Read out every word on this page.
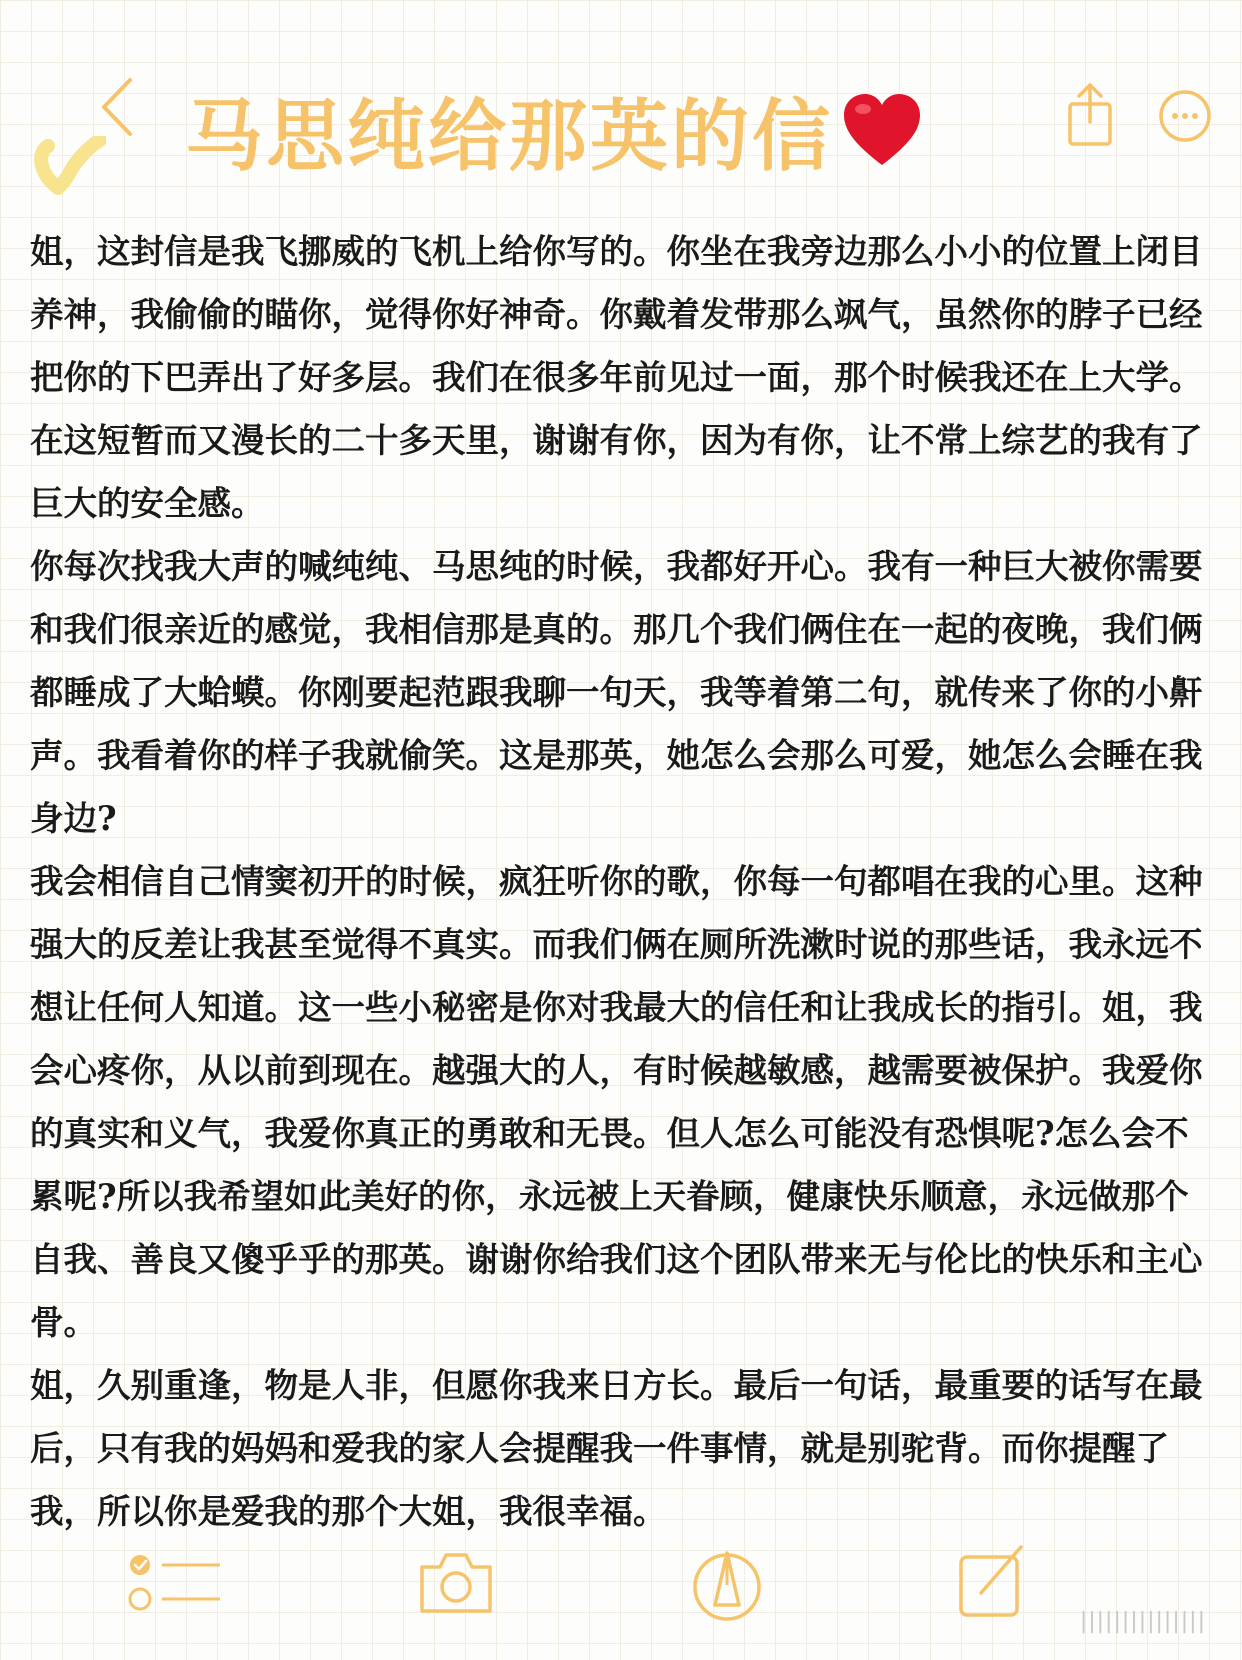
马思纯给那英的信

姐，这封信是我飞挪威的飞机上给你写的。你坐在我旁边那么小小的位置上闭目养神，我偷偷的瞄你，觉得你好神奇。你戴着发带那么飒气，虽然你的脖子已经把你的下巴弄出了好多层。我们在很多年前见过一面，那个时候我还在上大学。在这短暂而又漫长的二十多天里，谢谢有你，因为有你，让不常上综艺的我有了巨大的安全感。

你每次找我大声的喊纯纯、马思纯的时候，我都好开心。我有一种巨大被你需要和我们很亲近的感觉，我相信那是真的。那几个我们俩住在一起的夜晚，我们俩都睡成了大蛤蟆。你刚要起范跟我聊一句天，我等着第二句，就传来了你的小鼾声。我看着你的样子我就偷笑。这是那英，她怎么会那么可爱，她怎么会睡在我身边?

我会相信自己情窦初开的时候，疯狂听你的歌，你每一句都唱在我的心里。这种强大的反差让我甚至觉得不真实。而我们俩在厕所洗漱时说的那些话，我永远不想让任何人知道。这一些小秘密是你对我最大的信任和让我成长的指引。姐，我会心疼你，从以前到现在。越强大的人，有时候越敏感，越需要被保护。我爱你的真实和义气，我爱你真正的勇敢和无畏。但人怎么可能没有恐惧呢?怎么会不累呢?所以我希望如此美好的你，永远被上天眷顾，健康快乐顺意，永远做那个自我、善良又傻乎乎的那英。谢谢你给我们这个团队带来无与伦比的快乐和主心骨。

姐，久别重逢，物是人非，但愿你我来日方长。最后一句话，最重要的话写在最后，只有我的妈妈和爱我的家人会提醒我一件事情，就是别驼背。而你提醒了我，所以你是爱我的那个大姐，我很幸福。

|||||||||||||||
